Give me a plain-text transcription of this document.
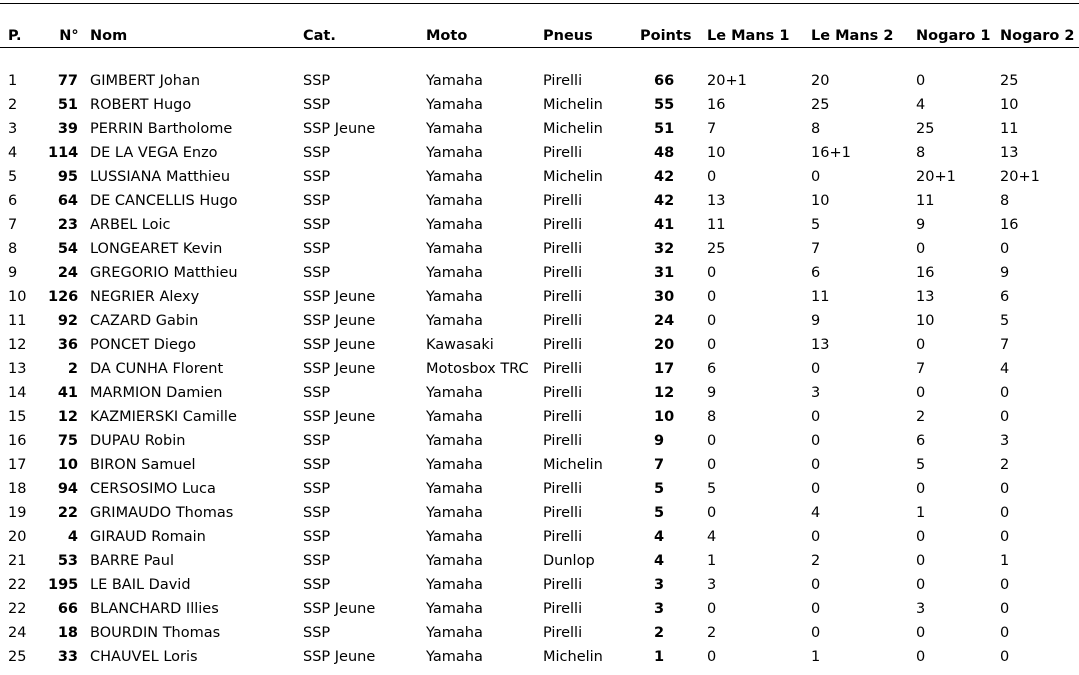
P.	N°	Nom	Cat.	Moto	Pneus	Points	Le Mans 1	Le Mans 2	Nogaro 1	Nogaro 2

1	77	GIMBERT Johan	SSP	Yamaha	Pirelli	66	20+1	20	0	25
2	51	ROBERT Hugo	SSP	Yamaha	Michelin	55	16	25	4	10
3	39	PERRIN Bartholome	SSP Jeune	Yamaha	Michelin	51	7	8	25	11
4	114	DE LA VEGA Enzo	SSP	Yamaha	Pirelli	48	10	16+1	8	13
5	95	LUSSIANA Matthieu	SSP	Yamaha	Michelin	42	0	0	20+1	20+1
6	64	DE CANCELLIS Hugo	SSP	Yamaha	Pirelli	42	13	10	11	8
7	23	ARBEL Loic	SSP	Yamaha	Pirelli	41	11	5	9	16
8	54	LONGEARET Kevin	SSP	Yamaha	Pirelli	32	25	7	0	0
9	24	GREGORIO Matthieu	SSP	Yamaha	Pirelli	31	0	6	16	9
10	126	NEGRIER Alexy	SSP Jeune	Yamaha	Pirelli	30	0	11	13	6
11	92	CAZARD Gabin	SSP Jeune	Yamaha	Pirelli	24	0	9	10	5
12	36	PONCET Diego	SSP Jeune	Kawasaki	Pirelli	20	0	13	0	7
13	2	DA CUNHA Florent	SSP Jeune	Motosbox TRC	Pirelli	17	6	0	7	4
14	41	MARMION Damien	SSP	Yamaha	Pirelli	12	9	3	0	0
15	12	KAZMIERSKI Camille	SSP Jeune	Yamaha	Pirelli	10	8	0	2	0
16	75	DUPAU Robin	SSP	Yamaha	Pirelli	9	0	0	6	3
17	10	BIRON Samuel	SSP	Yamaha	Michelin	7	0	0	5	2
18	94	CERSOSIMO Luca	SSP	Yamaha	Pirelli	5	5	0	0	0
19	22	GRIMAUDO Thomas	SSP	Yamaha	Pirelli	5	0	4	1	0
20	4	GIRAUD Romain	SSP	Yamaha	Pirelli	4	4	0	0	0
21	53	BARRE Paul	SSP	Yamaha	Dunlop	4	1	2	0	1
22	195	LE BAIL David	SSP	Yamaha	Pirelli	3	3	0	0	0
22	66	BLANCHARD Illies	SSP Jeune	Yamaha	Pirelli	3	0	0	3	0
24	18	BOURDIN Thomas	SSP	Yamaha	Pirelli	2	2	0	0	0
25	33	CHAUVEL Loris	SSP Jeune	Yamaha	Michelin	1	0	1	0	0
